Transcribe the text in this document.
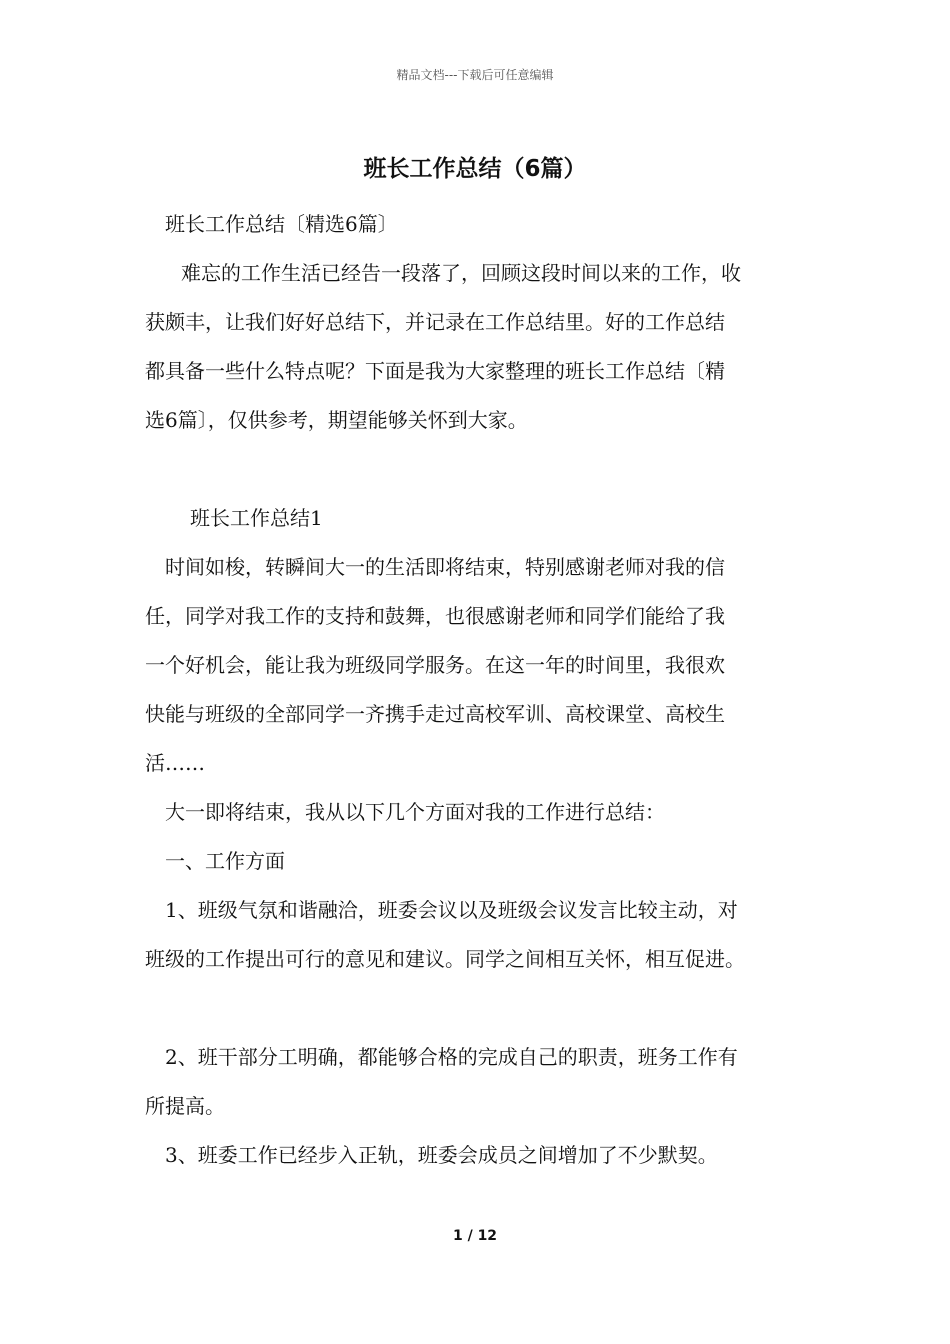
精品文档---下载后可任意编辑
班长工作总结（6篇）

班长工作总结〔精选6篇〕

难忘的工作生活已经告一段落了，回顾这段时间以来的工作，收

获颇丰，让我们好好总结下，并记录在工作总结里。好的工作总结

都具备一些什么特点呢？下面是我为大家整理的班长工作总结〔精

选6篇〕，仅供参考，期望能够关怀到大家。

班长工作总结1

时间如梭，转瞬间大一的生活即将结束，特别感谢老师对我的信

任，同学对我工作的支持和鼓舞，也很感谢老师和同学们能给了我

一个好机会，能让我为班级同学服务。在这一年的时间里，我很欢

快能与班级的全部同学一齐携手走过高校军训、高校课堂、高校生

活……

大一即将结束，我从以下几个方面对我的工作进行总结：

一、工作方面

1、班级气氛和谐融洽，班委会议以及班级会议发言比较主动，对

班级的工作提出可行的意见和建议。同学之间相互关怀，相互促进。

2、班干部分工明确，都能够合格的完成自己的职责，班务工作有

所提高。

3、班委工作已经步入正轨，班委会成员之间增加了不少默契。

1 / 12
